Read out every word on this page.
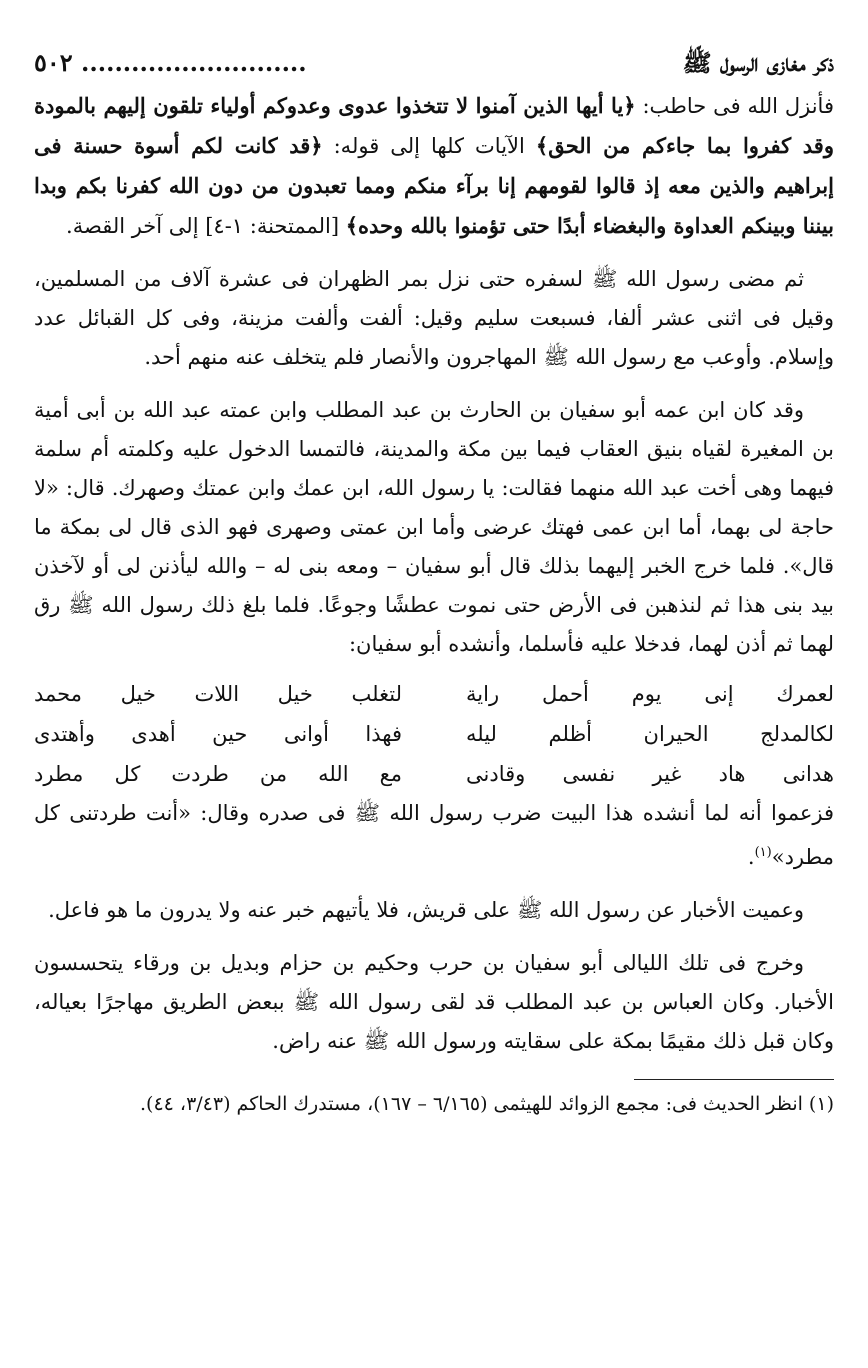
ذكر مغازى الرسول ﷺ
٥٠٢ ...........................

فأنزل الله فى حاطب: ﴿يا أيها الذين آمنوا لا تتخذوا عدوى وعدوكم أولياء تلقون إليهم بالمودة وقد كفروا بما جاءكم من الحق﴾ الآيات كلها إلى قوله: ﴿قد كانت لكم أسوة حسنة فى إبراهيم والذين معه إذ قالوا لقومهم إنا برآء منكم ومما تعبدون من دون الله كفرنا بكم وبدا بيننا وبينكم العداوة والبغضاء أبدًا حتى تؤمنوا بالله وحده﴾ [الممتحنة: ١-٤] إلى آخر القصة.

ثم مضى رسول الله ﷺ لسفره حتى نزل بمر الظهران فى عشرة آلاف من المسلمين، وقيل فى اثنى عشر ألفا، فسبعت سليم وقيل: ألفت وألفت مزينة، وفى كل القبائل عدد وإسلام. وأوعب مع رسول الله ﷺ المهاجرون والأنصار فلم يتخلف عنه منهم أحد.

وقد كان ابن عمه أبو سفيان بن الحارث بن عبد المطلب وابن عمته عبد الله بن أبى أمية بن المغيرة لقياه بنيق العقاب فيما بين مكة والمدينة، فالتمسا الدخول عليه وكلمته أم سلمة فيهما وهى أخت عبد الله منهما فقالت: يا رسول الله، ابن عمك وابن عمتك وصهرك. قال: «لا حاجة لى بهما، أما ابن عمى فهتك عرضى وأما ابن عمتى وصهرى فهو الذى قال لى بمكة ما قال». فلما خرج الخبر إليهما بذلك قال أبو سفيان – ومعه بنى له – والله ليأذنن لى أو لآخذن بيد بنى هذا ثم لنذهبن فى الأرض حتى نموت عطشًا وجوعًا. فلما بلغ ذلك رسول الله ﷺ رق لهما ثم أذن لهما، فدخلا عليه فأسلما، وأنشده أبو سفيان:

لعمرك إنى يوم أحمل راية
لتغلب خيل اللات خيل محمد
لكالمدلج الحيران أظلم ليله
فهذا أوانى حين أهدى وأهتدى
هدانى هاد غير نفسى وقادنى
مع الله من طردت كل مطرد

فزعموا أنه لما أنشده هذا البيت ضرب رسول الله ﷺ فى صدره وقال: «أنت طردتنى كل مطرد»$^{(١)}$.

وعميت الأخبار عن رسول الله ﷺ على قريش، فلا يأتيهم خبر عنه ولا يدرون ما هو فاعل.

وخرج فى تلك الليالى أبو سفيان بن حرب وحكيم بن حزام وبديل بن ورقاء يتحسسون الأخبار. وكان العباس بن عبد المطلب قد لقى رسول الله ﷺ ببعض الطريق مهاجرًا بعياله، وكان قبل ذلك مقيمًا بمكة على سقايته ورسول الله ﷺ عنه راض.

(١) انظر الحديث فى: مجمع الزوائد للهيثمى (٦/١٦٥ – ١٦٧)، مستدرك الحاكم (٣/٤٣، ٤٤).
